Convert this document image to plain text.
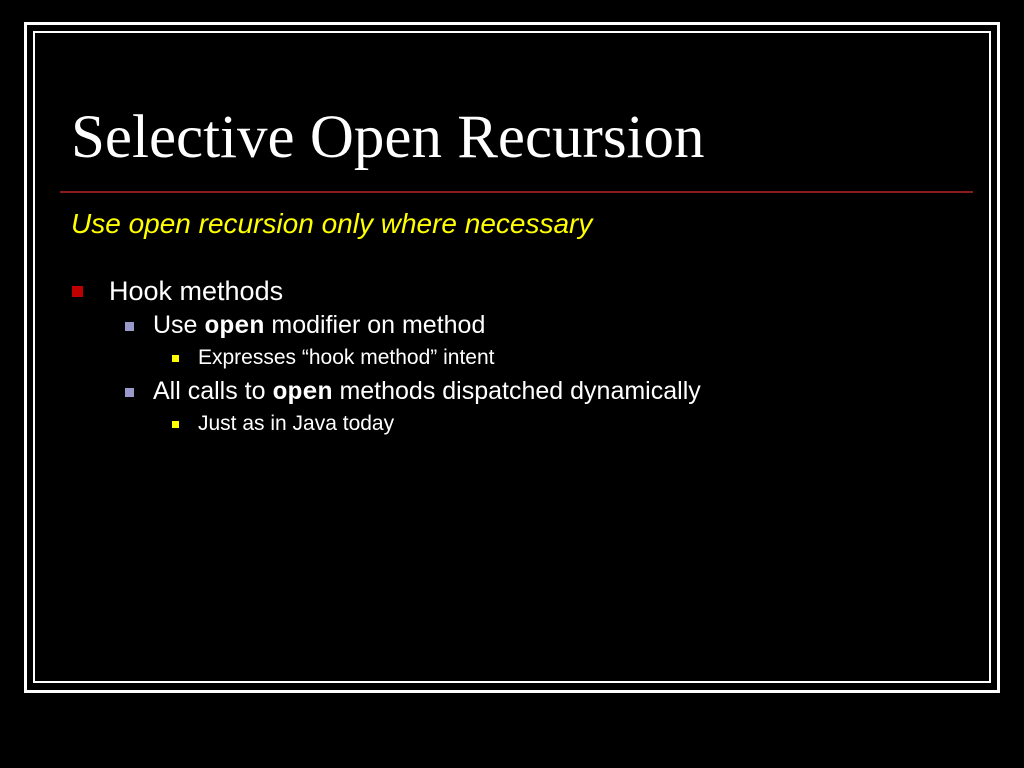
Selective Open Recursion
Use open recursion only where necessary
Hook methods
Use open modifier on method
Expresses “hook method” intent
All calls to open methods dispatched dynamically
Just as in Java today
